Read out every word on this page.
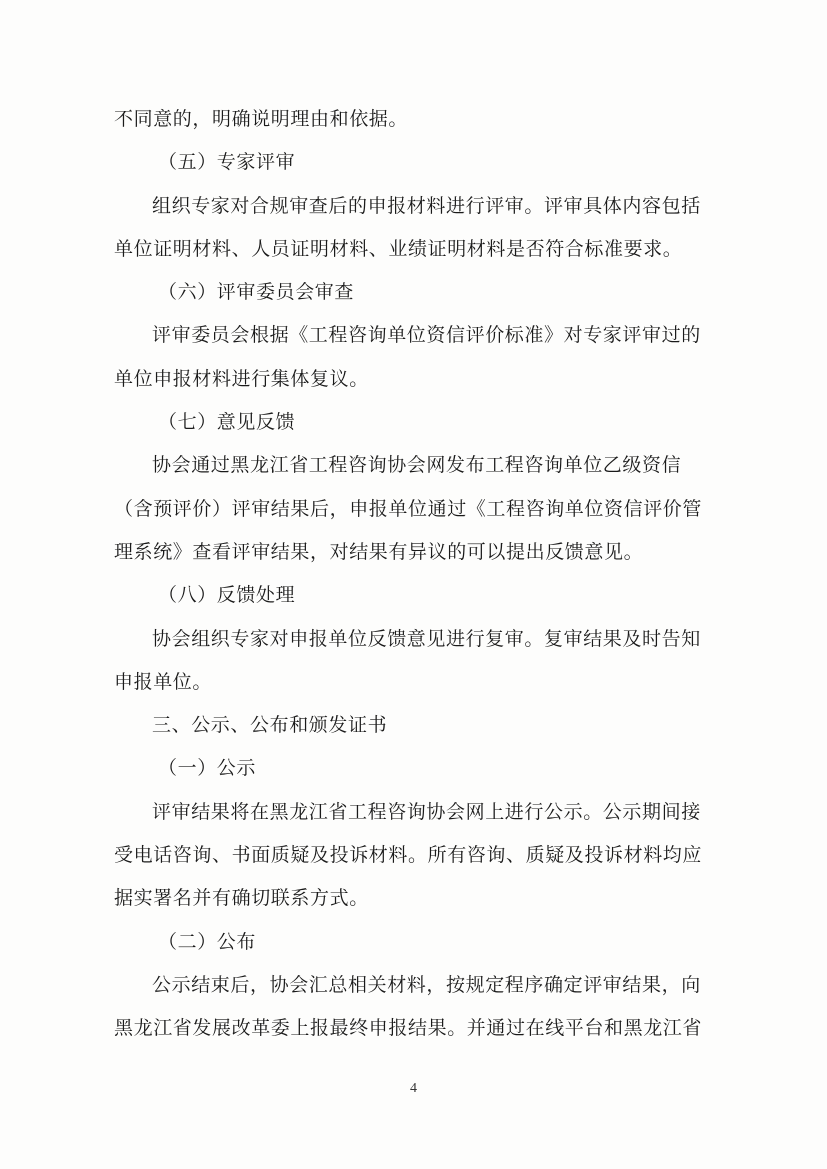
不同意的，明确说明理由和依据。

（五）专家评审

组织专家对合规审查后的申报材料进行评审。评审具体内容包括

单位证明材料、人员证明材料、业绩证明材料是否符合标准要求。

（六）评审委员会审查

评审委员会根据《工程咨询单位资信评价标准》对专家评审过的

单位申报材料进行集体复议。

（七）意见反馈

协会通过黑龙江省工程咨询协会网发布工程咨询单位乙级资信

（含预评价）评审结果后，申报单位通过《工程咨询单位资信评价管

理系统》查看评审结果，对结果有异议的可以提出反馈意见。

（八）反馈处理

协会组织专家对申报单位反馈意见进行复审。复审结果及时告知

申报单位。

三、公示、公布和颁发证书

（一）公示

评审结果将在黑龙江省工程咨询协会网上进行公示。公示期间接

受电话咨询、书面质疑及投诉材料。所有咨询、质疑及投诉材料均应

据实署名并有确切联系方式。

（二）公布

公示结束后，协会汇总相关材料，按规定程序确定评审结果，向

黑龙江省发展改革委上报最终申报结果。并通过在线平台和黑龙江省

4
